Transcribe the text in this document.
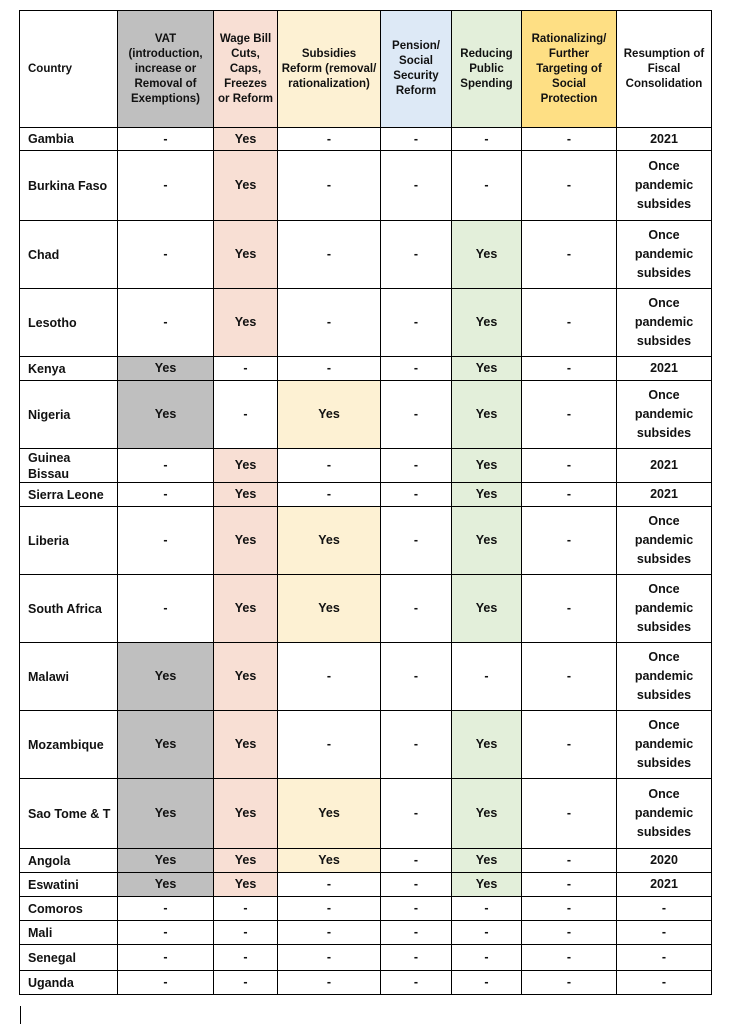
Country	VAT (introduction, increase or Removal of Exemptions)	Wage Bill Cuts, Caps, Freezes or Reform	Subsidies Reform (removal/ rationalization)	Pension/ Social Security Reform	Reducing Public Spending	Rationalizing/ Further Targeting of Social Protection	Resumption of Fiscal Consolidation
Gambia	-	Yes	-	-	-	-	2021
Burkina Faso	-	Yes	-	-	-	-	Once pandemic subsides
Chad	-	Yes	-	-	Yes	-	Once pandemic subsides
Lesotho	-	Yes	-	-	Yes	-	Once pandemic subsides
Kenya	Yes	-	-	-	Yes	-	2021
Nigeria	Yes	-	Yes	-	Yes	-	Once pandemic subsides
Guinea Bissau	-	Yes	-	-	Yes	-	2021
Sierra Leone	-	Yes	-	-	Yes	-	2021
Liberia	-	Yes	Yes	-	Yes	-	Once pandemic subsides
South Africa	-	Yes	Yes	-	Yes	-	Once pandemic subsides
Malawi	Yes	Yes	-	-	-	-	Once pandemic subsides
Mozambique	Yes	Yes	-	-	Yes	-	Once pandemic subsides
Sao Tome & T	Yes	Yes	Yes	-	Yes	-	Once pandemic subsides
Angola	Yes	Yes	Yes	-	Yes	-	2020
Eswatini	Yes	Yes	-	-	Yes	-	2021
Comoros	-	-	-	-	-	-	-
Mali	-	-	-	-	-	-	-
Senegal	-	-	-	-	-	-	-
Uganda	-	-	-	-	-	-	-
